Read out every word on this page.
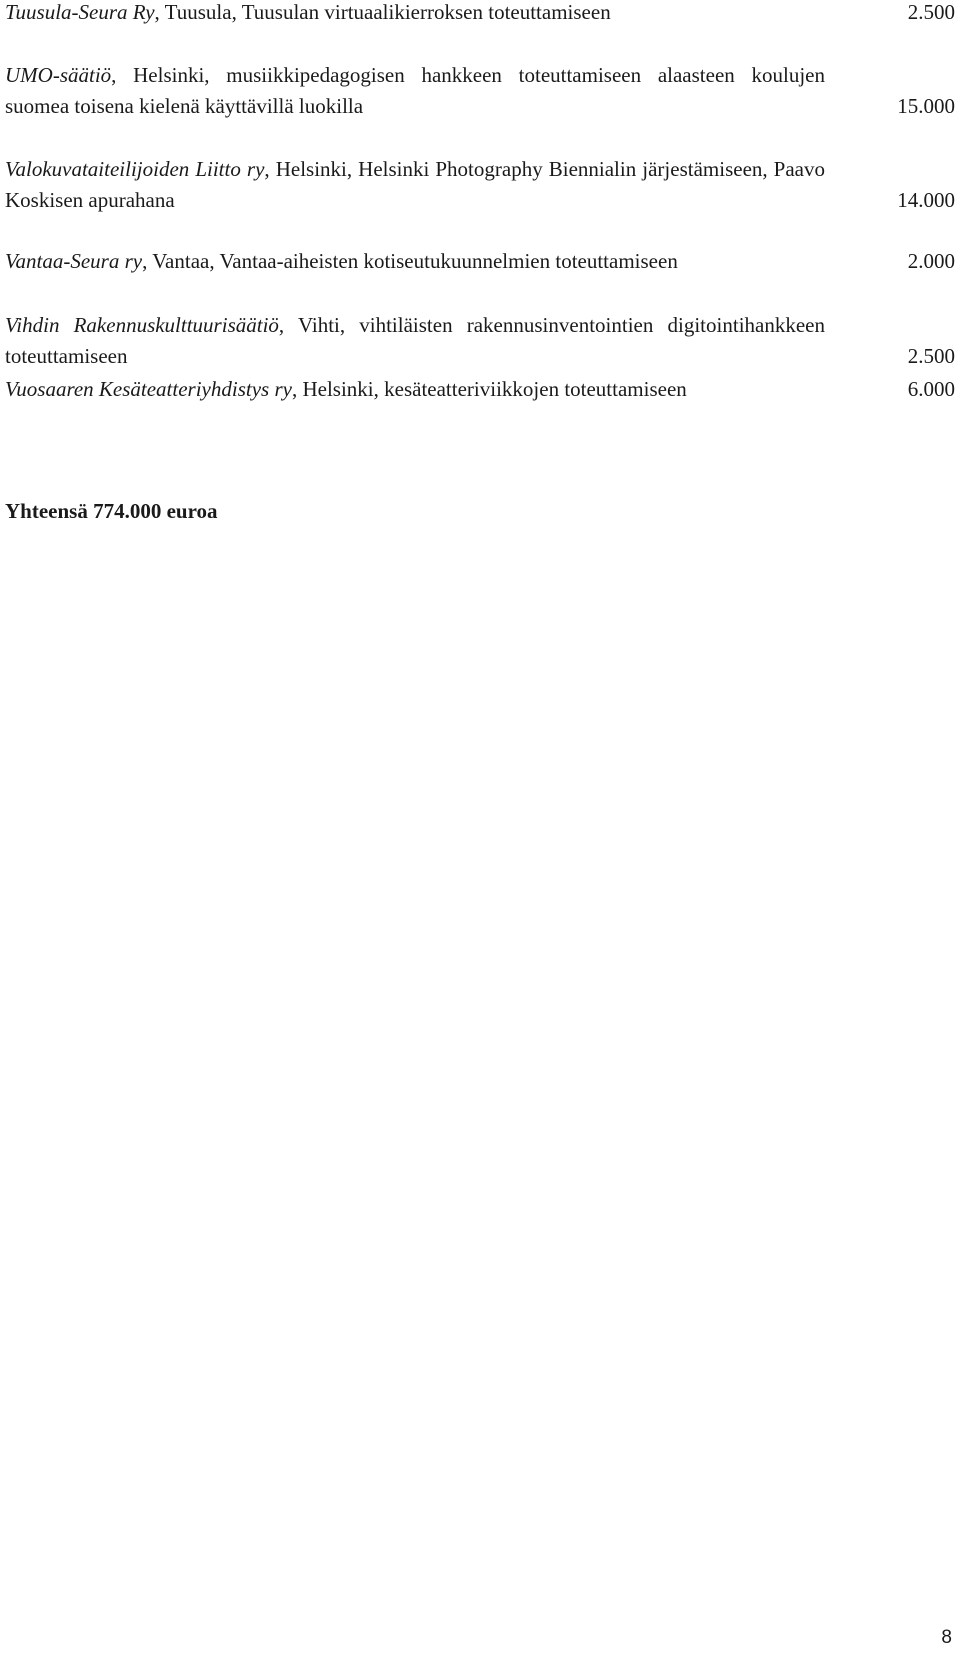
Tuusula-Seura Ry, Tuusula, Tuusulan virtuaalikierroksen toteuttamiseen	2.500
UMO-säätiö, Helsinki, musiikkipedagogisen hankkeen toteuttamiseen alaasteen koulujen suomea toisena kielenä käyttävillä luokilla	15.000
Valokuvataiteilijoiden Liitto ry, Helsinki, Helsinki Photography Biennialin järjestämiseen, Paavo Koskisen apurahana	14.000
Vantaa-Seura ry, Vantaa, Vantaa-aiheisten kotiseutukuunnelmien toteuttamiseen	2.000
Vihdin Rakennuskulttuurisäätiö, Vihti, vihtiläisten rakennusinventointien digitointihankkeen toteuttamiseen	2.500
Vuosaaren Kesäteatteriyhdistys ry, Helsinki, kesäteatteriviikkojen toteuttamiseen	6.000
Yhteensä 774.000 euroa
8
